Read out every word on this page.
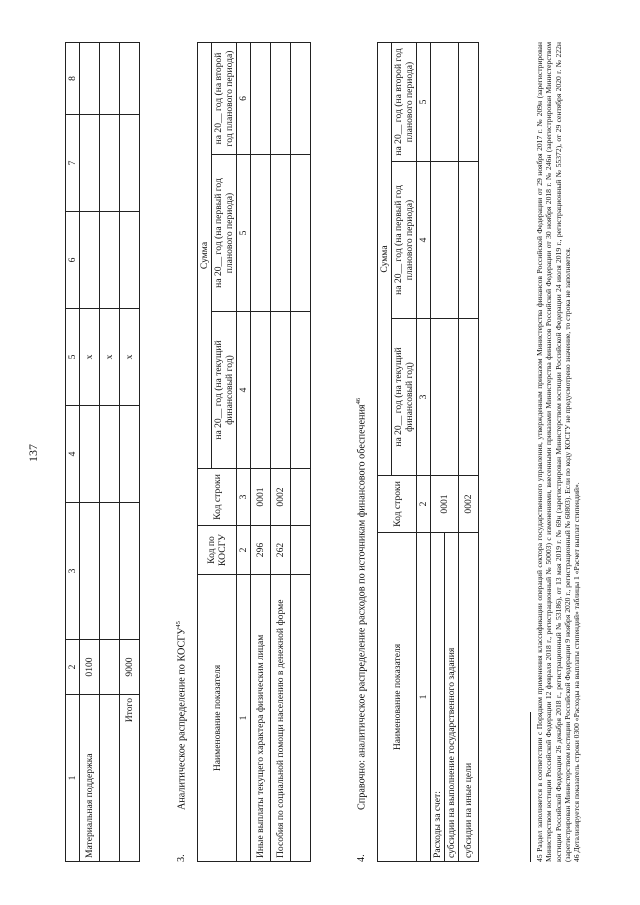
137
1	2	3	4	5	6	7	8
Материальная поддержка	0100			x			
				x			
Итого	9000			x			
3.Аналитическое распределение по КОСГУ$^{45}$
Наименование показателя	Код по КОСГУ	Код строки	Сумма		
			на 20__ год (на текущий финансовый год)	на 20__ год (на первый год планового периода)	на 20__ год (на второй год планового периода)
1	2	3	4	5	6
Иные выплаты текущего характера физическим лицам	296	0001			
Пособия по социальной помощи населению в денежной форме	262	0002			

4.Справочно: аналитическое распределение расходов по источникам финансового обеспечения$^{46}$
Наименование показателя	Код строки	Сумма		
		на 20__ год (на текущий финансовый год)	на 20__ год (на первый год планового периода)	на 20__ год (на второй год планового периода)
1	2	3	4	5
Расходы за счет:	0001			
субсидии на выполнение государственного задания				
субсидии на иные цели	0002				45 Раздел заполняется в соответствии с Порядком применения классификации операций сектора государственного управления, утвержденным приказом Министерства финансов Российской Федерации от 29 ноября 2017 г. № 209н (зарегистрирован Министерством юстиции Российской Федерации 12 февраля 2018 г., регистрационный № 50003) с изменениями, внесенными приказами Министерства финансов Российской Федерации от 30 ноября 2018 г. № 246н (зарегистрирован Министерством юстиции Российской Федерации 26 декабря 2018 г., регистрационный № 53186), от 13 мая 2019 г. № 69н (зарегистрирован Министерством юстиции Российской Федерации 24 июля 2019 г., регистрационный № 55372), от 29 сентября 2020 г. № 222н (зарегистрирован Министерством юстиции Российской Федерации 9 ноября 2020 г., регистрационный № 60803). Если по коду КОСГУ не предусмотрено значение, то строка не заполняется. 46 Детализируется показатель строки 0300 «Расходы на выплаты стипендий» таблицы 1 «Расчет выплат стипендий».
